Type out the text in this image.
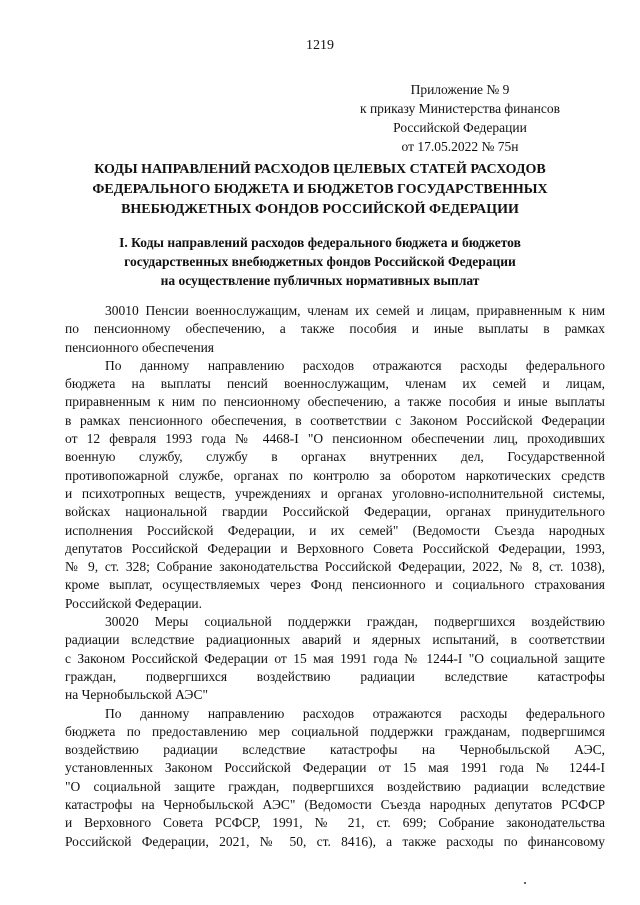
1219
Приложение № 9
к приказу Министерства финансов
Российской Федерации
от 17.05.2022 № 75н
КОДЫ НАПРАВЛЕНИЙ РАСХОДОВ ЦЕЛЕВЫХ СТАТЕЙ РАСХОДОВ
ФЕДЕРАЛЬНОГО БЮДЖЕТА И БЮДЖЕТОВ ГОСУДАРСТВЕННЫХ
ВНЕБЮДЖЕТНЫХ ФОНДОВ РОССИЙСКОЙ ФЕДЕРАЦИИ
I. Коды направлений расходов федерального бюджета и бюджетов
государственных внебюджетных фондов Российской Федерации
на осуществление публичных нормативных выплат
30010 Пенсии военнослужащим, членам их семей и лицам, приравненным к ним
по пенсионному обеспечению, а также пособия и иные выплаты в рамках
пенсионного обеспечения
По данному направлению расходов отражаются расходы федерального
бюджета на выплаты пенсий военнослужащим, членам их семей и лицам,
приравненным к ним по пенсионному обеспечению, а также пособия и иные выплаты
в рамках пенсионного обеспечения, в соответствии с Законом Российской Федерации
от 12 февраля 1993 года № 4468-I "О пенсионном обеспечении лиц, проходивших
военную службу, службу в органах внутренних дел, Государственной
противопожарной службе, органах по контролю за оборотом наркотических средств
и психотропных веществ, учреждениях и органах уголовно-исполнительной системы,
войсках национальной гвардии Российской Федерации, органах принудительного
исполнения Российской Федерации, и их семей" (Ведомости Съезда народных
депутатов Российской Федерации и Верховного Совета Российской Федерации, 1993,
№ 9, ст. 328; Собрание законодательства Российской Федерации, 2022, № 8, ст. 1038),
кроме выплат, осуществляемых через Фонд пенсионного и социального страхования
Российской Федерации.
30020 Меры социальной поддержки граждан, подвергшихся воздействию
радиации вследствие радиационных аварий и ядерных испытаний, в соответствии
с Законом Российской Федерации от 15 мая 1991 года № 1244-I "О социальной защите
граждан, подвергшихся воздействию радиации вследствие катастрофы
на Чернобыльской АЭС"
По данному направлению расходов отражаются расходы федерального
бюджета по предоставлению мер социальной поддержки гражданам, подвергшимся
воздействию радиации вследствие катастрофы на Чернобыльской АЭС,
установленных Законом Российской Федерации от 15 мая 1991 года № 1244-I
"О социальной защите граждан, подвергшихся воздействию радиации вследствие
катастрофы на Чернобыльской АЭС" (Ведомости Съезда народных депутатов РСФСР
и Верховного Совета РСФСР, 1991, № 21, ст. 699; Собрание законодательства
Российской Федерации, 2021, № 50, ст. 8416), а также расходы по финансовому
